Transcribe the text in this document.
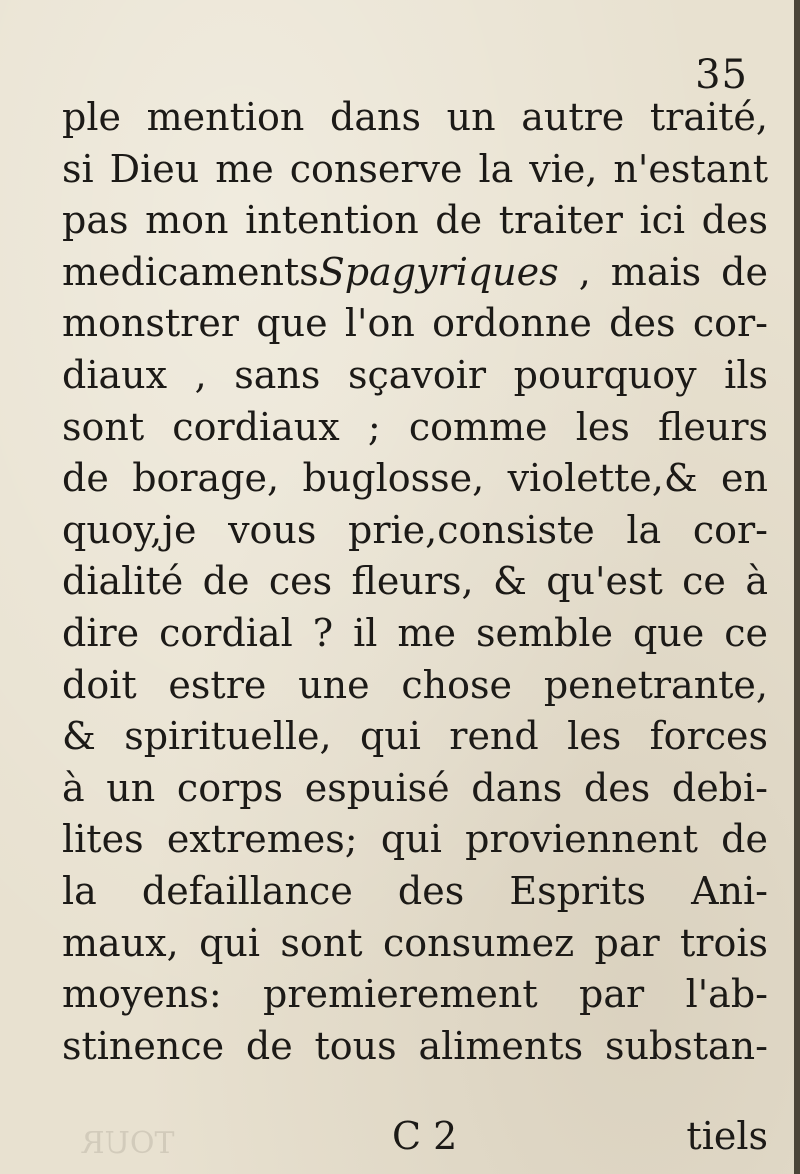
35
ple mention dans un autre traité,
si Dieu me conserve la vie, n'estant
pas mon intention de traiter ici des
medicamentsSpagyriques , mais de
monstrer que l'on ordonne des cor-
diaux , sans sçavoir pourquoy ils
sont cordiaux ; comme les fleurs
de borage, buglosse, violette,& en
quoy,je vous prie,consiste la cor-
dialité de ces fleurs, & qu'est ce à
dire cordial ? il me semble que ce
doit estre une chose penetrante,
& spirituelle, qui rend les forces
à un corps espuisé dans des debi-
lites extremes; qui proviennent de
la defaillance des Esprits Ani-
maux, qui sont consumez par trois
moyens: premierement par l'ab-
stinence de tous aliments substan-
TOUR	C 2	tiels
